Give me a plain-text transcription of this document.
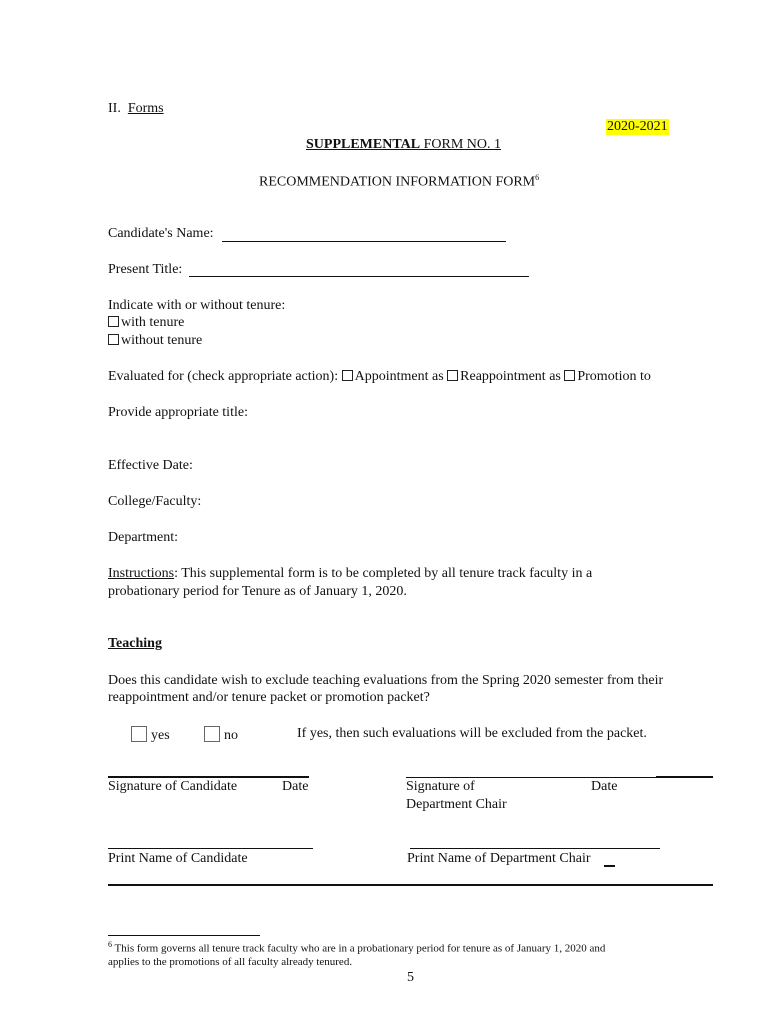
II. Forms
2020-2021
SUPPLEMENTAL FORM NO. 1
RECOMMENDATION INFORMATION FORM$^6$
Candidate's Name:
Present Title:
Indicate with or without tenure:
with tenure
without tenure
Evaluated for (check appropriate action): Appointment as Reappointment as Promotion to
Provide appropriate title:
Effective Date:
College/Faculty:
Department:
Instructions: This supplemental form is to be completed by all tenure track faculty in a
probationary period for Tenure as of January 1, 2020.
Teaching
Does this candidate wish to exclude teaching evaluations from the Spring 2020 semester from their
reappointment and/or tenure packet or promotion packet?
yes	no	If yes, then such evaluations will be excluded from the packet.
Signature of Candidate	Date	Signature of	Date
Department Chair
Print Name of Candidate	Print Name of Department Chair
$^6$ This form governs all tenure track faculty who are in a probationary period for tenure as of January 1, 2020 and
applies to the promotions of all faculty already tenured.
5
